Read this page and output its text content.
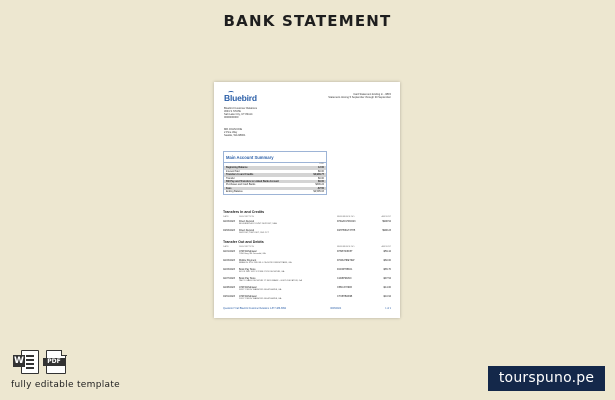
BANK STATEMENT
Bluebird	Card Statement Ending in - 0815
Statement closing 5 September through 30 September
Bluebird Customer Relations
3091 S STATE
Salt Lake City, UT 84114
0000000000
MR JOHN DOE
2 Pine Way
Seattle, WA 98001
Main Account Summary
USD
Beginning Balance	12.00
Interest Paid	$0.00
Transfers In and Credits	$2,906.77
Transfer	$0.00
Bill Pay and Transfers to Linked Bank Account	$0.00
Purchases and Cash Backs	$306.24
Fees	-$7.50
Ending Balance	$2,595.03
Transfers In and Credits
DATE	DESCRIPTION	REFERENCE NO.	AMOUNT
02/23/2023	Direct Deposit
BLUEBIRD ACCOUNT DEPOSIT, SEA
DHG2D1H3C023	$908.54
03/03/2023	Direct Deposit
DEPOSIT, DEPOSIT, 2H5 2CT
D2HH56GT37H5	$998.23
Transfer Out and Debits
DATE	DESCRIPTION	REFERENCE NO.	AMOUNT
02/21/2023	ATM Withdrawal
7050 Hwy 9N Griswold, GA
DHS8T4I6K5T	-$59.44
02/23/2023	Mobile Payment
BRANCH 4TH 2ND BILL CA 5678 FORESTPARK, GA
DH4K2H8ET9W	-$60.00
02/23/2023	Book Pay Store
BOOK PAY 1022 STORE 2125 DECATUR, GA
DCK9PH8K01	-$65.70
02/27/2023	Book Pay Store
TAICO GALE DECATUR 1T 8420 MARK - 00025 DECATUR, GA
C1D8P9K8J0	-$97.54
02/28/2023	ATM Withdrawal
5832 TORCH WARM RD SE ATLANTA, GA
C58CJ0Y9DR	-$14.00
03/01/2023	ATM Withdrawal
2031 TORCH WARM RD SE ATLANTA, GA
CTX8HB4K9B	-$10.94
Questions? Call Bluebird Customer Relations 1-877-486-6892	0006/0024	1 of 1
W	PDF
fully editable template	tourspuno.pe
